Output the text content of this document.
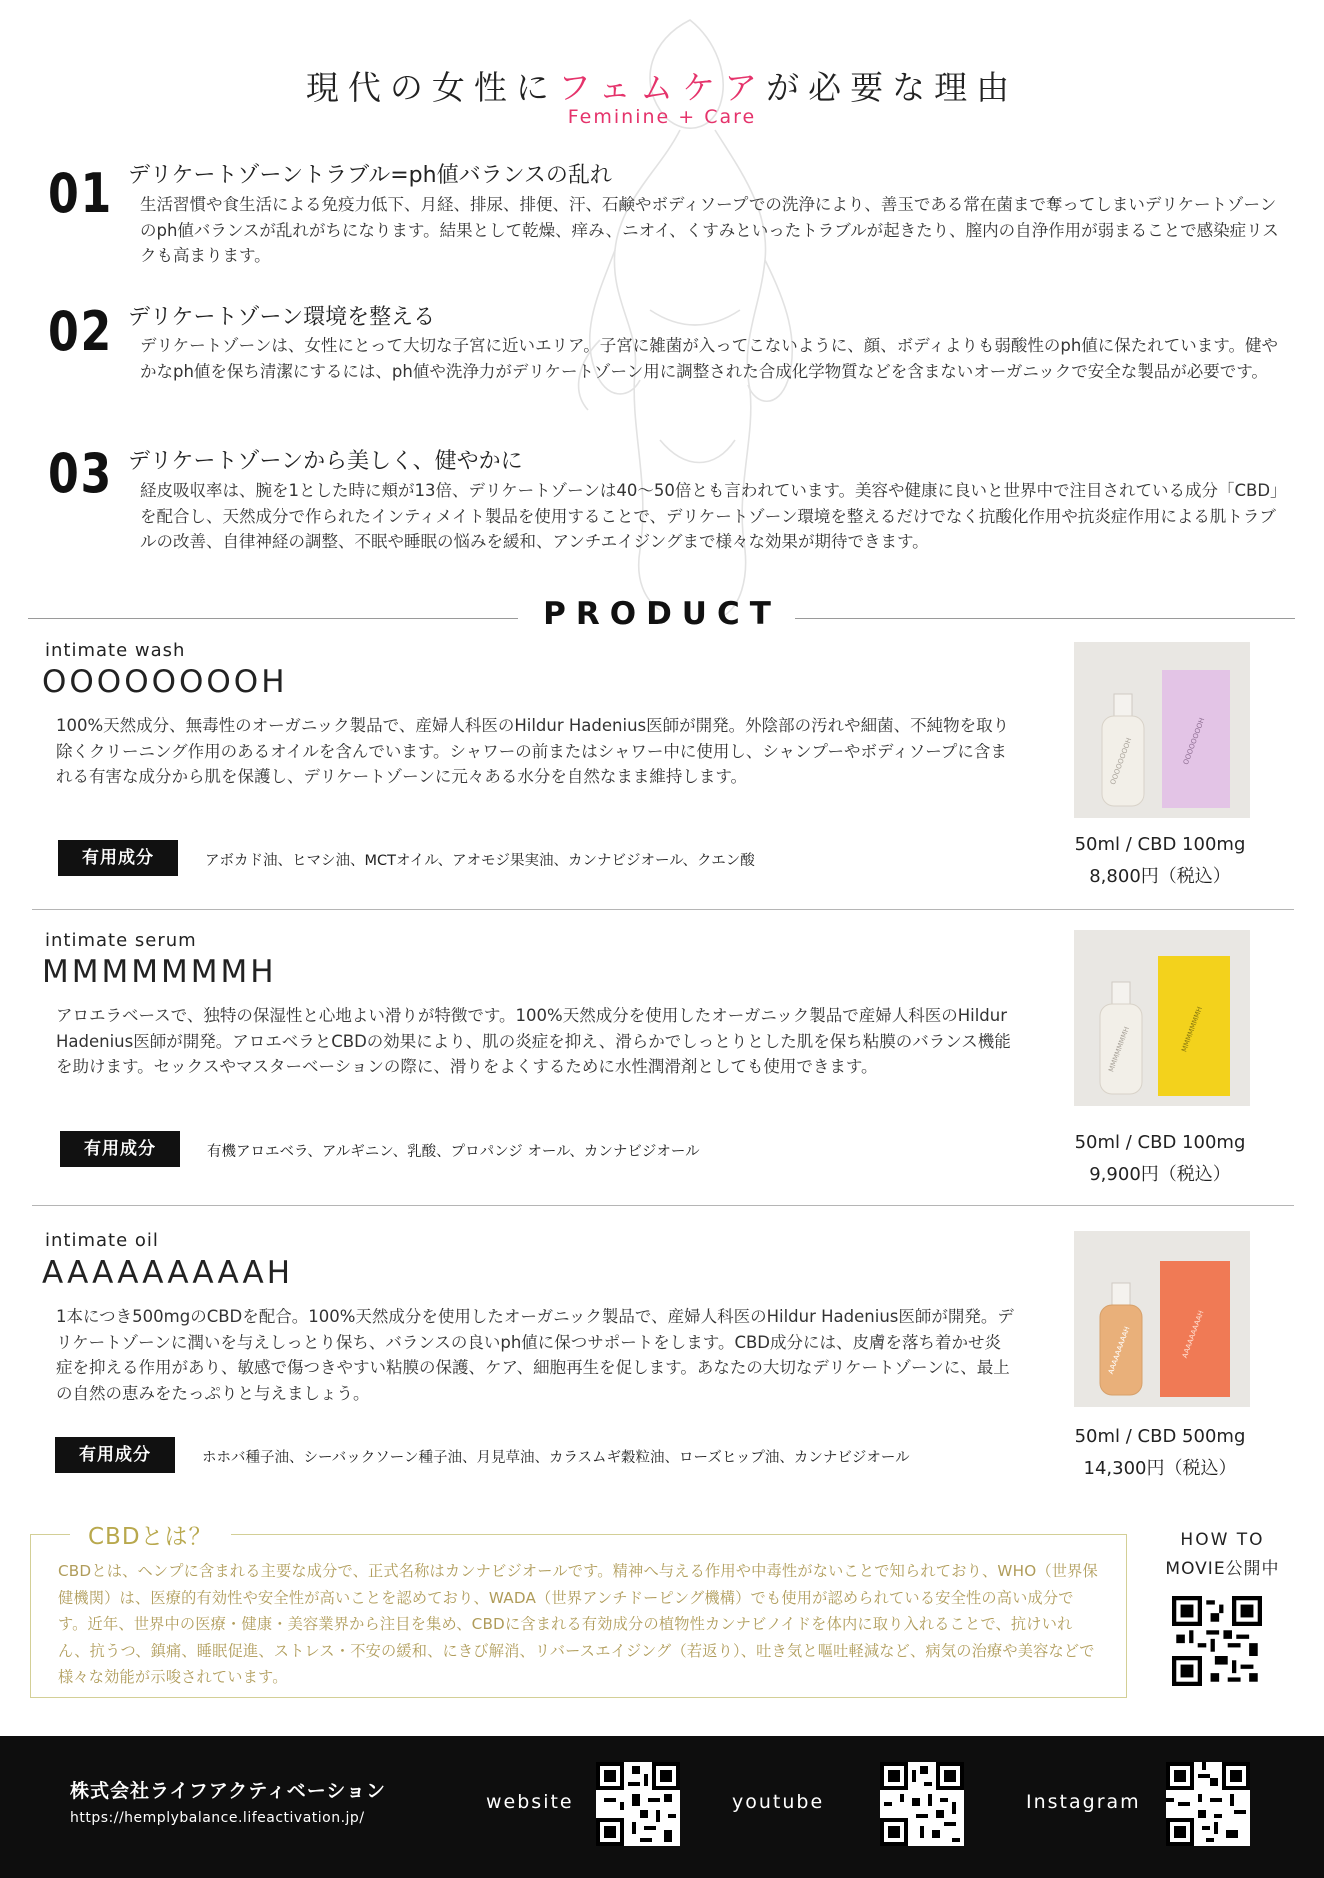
現代の女性にフェムケアが必要な理由
Feminine + Care
01 デリケートゾーントラブル=ph値バランスの乱れ
生活習慣や食生活による免疫力低下、月経、排尿、排便、汗、石鹸やボディソープでの洗浄により、善玉である常在菌まで奪ってしまいデリケートゾーンのph値バランスが乱れがちになります。結果として乾燥、痒み、ニオイ、くすみといったトラブルが起きたり、膣内の自浄作用が弱まることで感染症リスクも高まります。
02 デリケートゾーン環境を整える
デリケートゾーンは、女性にとって大切な子宮に近いエリア。子宮に雑菌が入ってこないように、顔、ボディよりも弱酸性のph値に保たれています。健やかなph値を保ち清潔にするには、ph値や洗浄力がデリケートゾーン用に調整された合成化学物質などを含まないオーガニックで安全な製品が必要です。
03 デリケートゾーンから美しく、健やかに
経皮吸収率は、腕を1とした時に頬が13倍、デリケートゾーンは40〜50倍とも言われています。美容や健康に良いと世界中で注目されている成分「CBD」を配合し、天然成分で作られたインティメイト製品を使用することで、デリケートゾーン環境を整えるだけでなく抗酸化作用や抗炎症作用による肌トラブルの改善、自律神経の調整、不眠や睡眠の悩みを緩和、アンチエイジングまで様々な効果が期待できます。
PRODUCT
intimate wash
OOOOOOOOH
100%天然成分、無毒性のオーガニック製品で、産婦人科医のHildur Hadenius医師が開発。外陰部の汚れや細菌、不純物を取り除くクリーニング作用のあるオイルを含んでいます。シャワーの前またはシャワー中に使用し、シャンプーやボディソープに含まれる有害な成分から肌を保護し、デリケートゾーンに元々ある水分を自然なまま維持します。
有用成分	アボカド油、ヒマシ油、MCTオイル、アオモジ果実油、カンナビジオール、クエン酸
OOOOOOOOH	OOOOOOOOH
50ml / CBD 100mg
8,800円（税込）
intimate serum
MMMMMMMH
アロエラベースで、独特の保湿性と心地よい滑りが特徴です。100%天然成分を使用したオーガニック製品で産婦人科医のHildur Hadenius医師が開発。アロエベラとCBDの効果により、肌の炎症を抑え、滑らかでしっとりとした肌を保ち粘膜のバランス機能を助けます。セックスやマスターベーションの際に、滑りをよくするために水性潤滑剤としても使用できます。
有用成分	有機アロエベラ、アルギニン、乳酸、プロパンジ オール、カンナビジオール
MMMMMMMH	MMMMMMMH
50ml / CBD 100mg
9,900円（税込）
intimate oil
AAAAAAAAAH
1本につき500mgのCBDを配合。100%天然成分を使用したオーガニック製品で、産婦人科医のHildur Hadenius医師が開発。デリケートゾーンに潤いを与えしっとり保ち、バランスの良いph値に保つサポートをします。CBD成分には、皮膚を落ち着かせ炎症を抑える作用があり、敏感で傷つきやすい粘膜の保護、ケア、細胞再生を促します。あなたの大切なデリケートゾーンに、最上の自然の恵みをたっぷりと与えましょう。
有用成分	ホホバ種子油、シーバックソーン種子油、月見草油、カラスムギ穀粒油、ローズヒップ油、カンナビジオール
AAAAAAAAAH	AAAAAAAAAH
50ml / CBD 500mg
14,300円（税込）
CBDとは？
CBDとは、ヘンプに含まれる主要な成分で、正式名称はカンナビジオールです。精神へ与える作用や中毒性がないことで知られており、WHO（世界保健機関）は、医療的有効性や安全性が高いことを認めており、WADA（世界アンチドーピング機構）でも使用が認められている安全性の高い成分です。近年、世界中の医療・健康・美容業界から注目を集め、CBDに含まれる有効成分の植物性カンナビノイドを体内に取り入れることで、抗けいれん、抗うつ、鎮痛、睡眠促進、ストレス・不安の緩和、にきび解消、リバースエイジング（若返り）、吐き気と嘔吐軽減など、病気の治療や美容などで様々な効能が示唆されています。
HOW TO
MOVIE公開中
株式会社ライフアクティベーション
https://hemplybalance.lifeactivation.jp/
website	youtube	Instagram
